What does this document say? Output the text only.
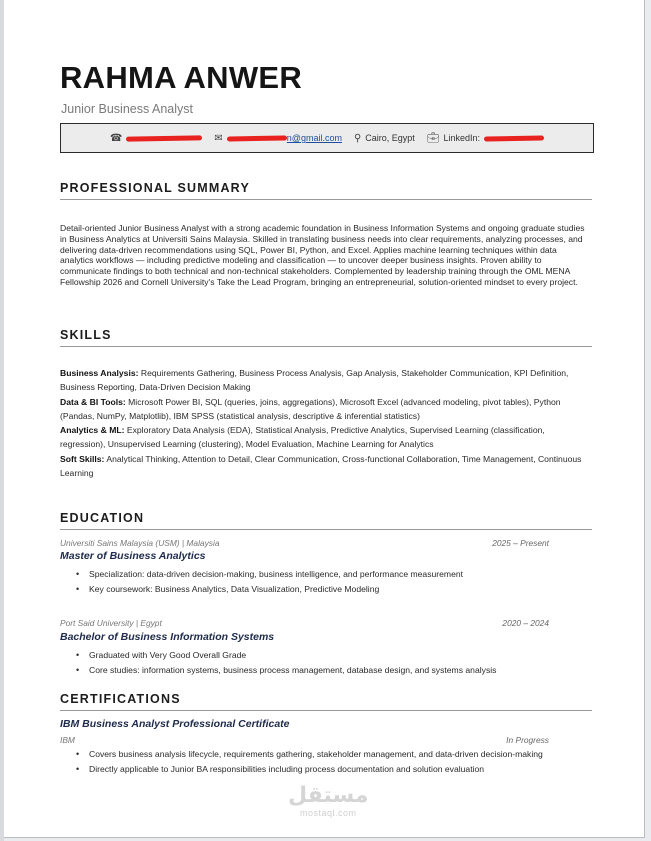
RAHMA ANWER
Junior Business Analyst
☎	✉	n@gmail.com ⚲ Cairo, Egypt 💼︎ LinkedIn:
PROFESSIONAL SUMMARY
Detail-oriented Junior Business Analyst with a strong academic foundation in Business Information Systems and ongoing graduate studies in Business Analytics at Universiti Sains Malaysia. Skilled in translating business needs into clear requirements, analyzing processes, and delivering data-driven recommendations using SQL, Power BI, Python, and Excel. Applies machine learning techniques within data analytics workflows — including predictive modeling and classification — to uncover deeper business insights. Proven ability to communicate findings to both technical and non-technical stakeholders. Complemented by leadership training through the OML MENA Fellowship 2026 and Cornell University's Take the Lead Program, bringing an entrepreneurial, solution-oriented mindset to every project.
SKILLS

Business Analysis: Requirements Gathering, Business Process Analysis, Gap Analysis, Stakeholder Communication, KPI Definition, Business Reporting, Data-Driven Decision Making

Data & BI Tools: Microsoft Power BI, SQL (queries, joins, aggregations), Microsoft Excel (advanced modeling, pivot tables), Python (Pandas, NumPy, Matplotlib), IBM SPSS (statistical analysis, descriptive & inferential statistics)

Analytics & ML: Exploratory Data Analysis (EDA), Statistical Analysis, Predictive Analytics, Supervised Learning (classification, regression), Unsupervised Learning (clustering), Model Evaluation, Machine Learning for Analytics

Soft Skills: Analytical Thinking, Attention to Detail, Clear Communication, Cross-functional Collaboration, Time Management, Continuous Learning

EDUCATION
Universiti Sains Malaysia (USM) | Malaysia	2025 – Present
Master of Business Analytics
• Specialization: data-driven decision-making, business intelligence, and performance measurement
• Key coursework: Business Analytics, Data Visualization, Predictive Modeling
Port Said University | Egypt	2020 – 2024
Bachelor of Business Information Systems
• Graduated with Very Good Overall Grade
• Core studies: information systems, business process management, database design, and systems analysis
CERTIFICATIONS
IBM Business Analyst Professional Certificate
IBM	In Progress
• Covers business analysis lifecycle, requirements gathering, stakeholder management, and data-driven decision-making
• Directly applicable to Junior BA responsibilities including process documentation and solution evaluation
مستقل
mostaql.com
